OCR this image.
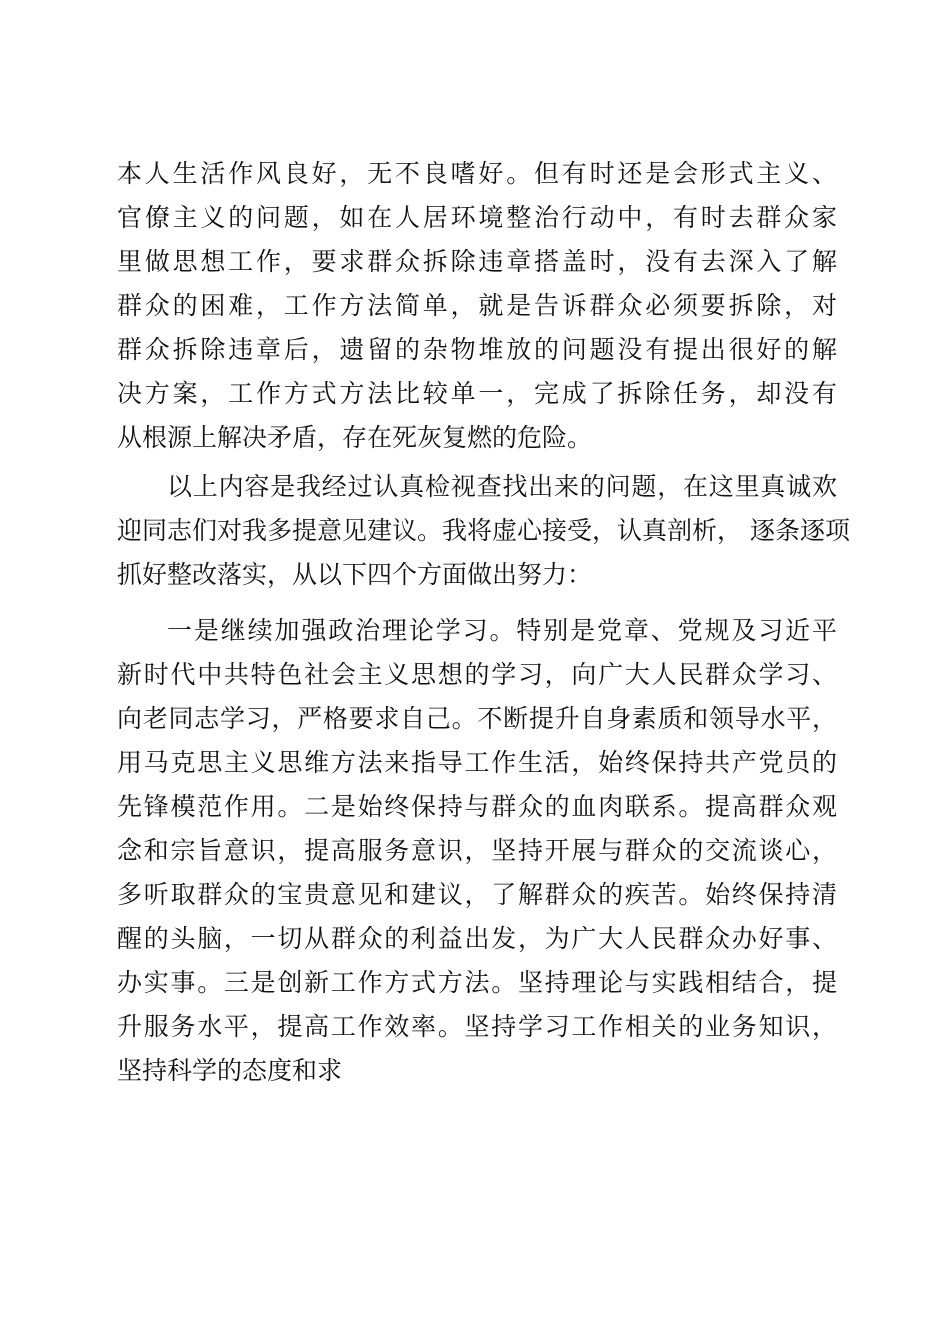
本人生活作风良好，无不良嗜好。但有时还是会形式主义、
官僚主义的问题，如在人居环境整治行动中，有时去群众家
里做思想工作，要求群众拆除违章搭盖时，没有去深入了解
群众的困难，工作方法简单，就是告诉群众必须要拆除，对
群众拆除违章后，遗留的杂物堆放的问题没有提出很好的解
决方案，工作方式方法比较单一，完成了拆除任务，却没有
从根源上解决矛盾，存在死灰复燃的危险。
以上内容是我经过认真检视查找出来的问题，在这里真诚欢
迎同志们对我多提意见建议。我将虚心接受，认真剖析， 逐条逐项
抓好整改落实，从以下四个方面做出努力：
一是继续加强政治理论学习。特别是党章、党规及习近平
新时代中共特色社会主义思想的学习，向广大人民群众学习、
向老同志学习，严格要求自己。不断提升自身素质和领导水平，
用马克思主义思维方法来指导工作生活，始终保持共产党员的
先锋模范作用。二是始终保持与群众的血肉联系。提高群众观
念和宗旨意识，提高服务意识，坚持开展与群众的交流谈心，
多听取群众的宝贵意见和建议，了解群众的疾苦。始终保持清
醒的头脑，一切从群众的利益出发，为广大人民群众办好事、
办实事。三是创新工作方式方法。坚持理论与实践相结合，提
升服务水平，提高工作效率。坚持学习工作相关的业务知识，
坚持科学的态度和求
